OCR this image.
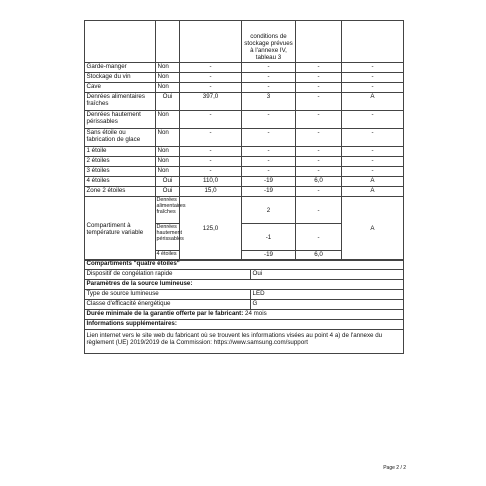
			conditions de stockage prévues à l'annexe IV, tableau 3		
Garde-manger	Non	-	-	-	-
Stockage du vin	Non	-	-	-	-
Cave	Non	-	-	-	-
Denrées alimentaires fraîches	Oui	397,0	3	-	A
Denrées hautement périssables	Non	-	-	-	-
Sans étoile ou fabrication de glace	Non	-	-	-	-
1 étoile	Non	-	-	-	-
2 étoiles	Non	-	-	-	-
3 étoiles	Non	-	-	-	-
4 étoiles	Oui	110,0	-19	6,0	A
Zone 2 étoiles	Oui	15,0	-19	-	A
Compartiment à température variable	Denrées alimentaires fraîches	125,0	2	-	A
	Denrées hautement périssables		-1	-	
	4 étoiles		-19	6,0	
Compartiments "quatre étoiles"	
Dispositif de congélation rapide	Oui
Paramètres de la source lumineuse:	
Type de source lumineuse	LED
Classe d'efficacité énergétique	G
Durée minimale de la garantie offerte par le fabricant: 24 mois	
Informations supplémentaires:	
Lien internet vers le site web du fabricant où se trouvent les informations visées au point 4 a) de l'annexe du règlement (UE) 2019/2019 de la Commission: https://www.samsung.com/support	
Page 2 / 2
